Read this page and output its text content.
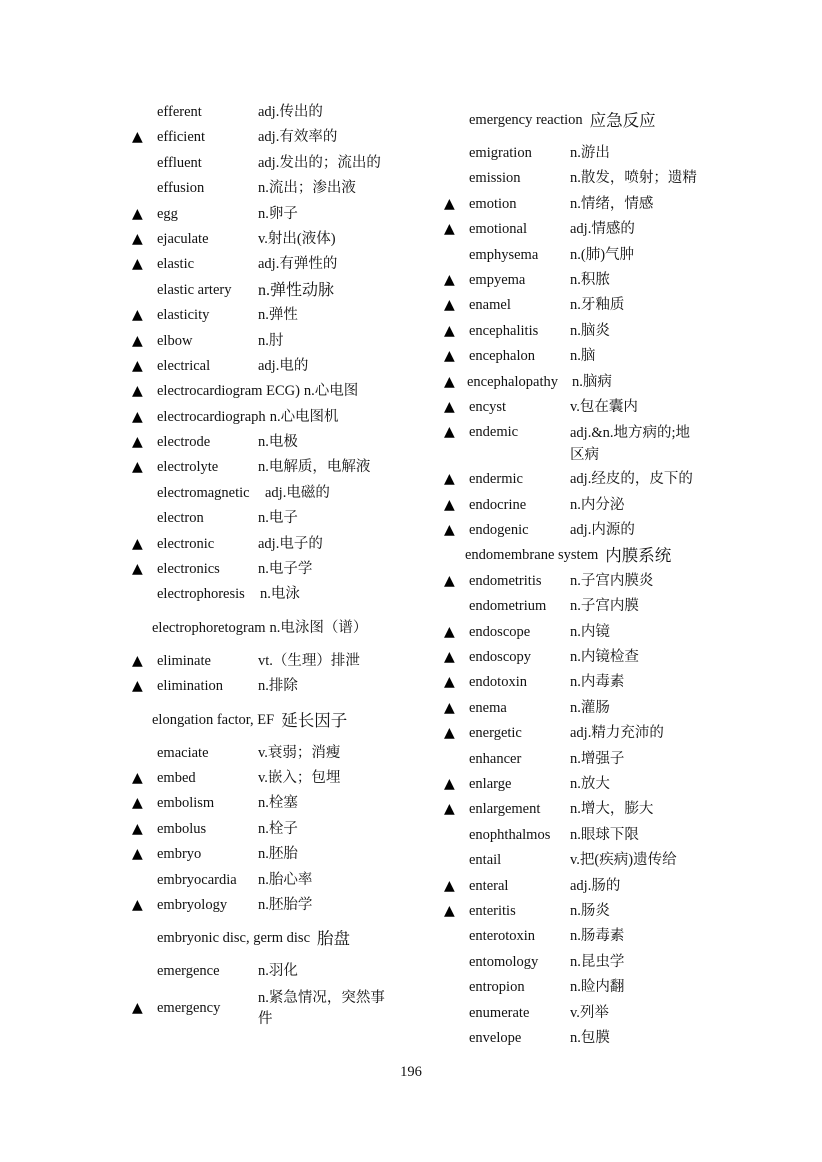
efferent	adj.传出的
▲ efficient	adj.有效率的
effluent	adj.发出的；流出的
effusion	n.流出；渗出液
▲ egg	n.卵子
▲ ejaculate	v.射出(液体)
▲ elastic	adj.有弹性的
elastic artery	n.弹性动脉
▲ elasticity	n.弹性
▲ elbow	n.肘
▲ electrical	adj.电的
▲ electrocardiogram ECG) n.心电图
▲ electrocardiograph n.心电图机
▲ electrode	n.电极
▲ electrolyte	n.电解质，电解液
electromagnetic	adj.电磁的
electron	n.电子
▲ electronic	adj.电子的
▲ electronics	n.电子学
electrophoresis	n.电泳
electrophoretogram n.电泳图（谱）
▲ eliminate	vt.（生理）排泄
▲ elimination	n.排除
elongation factor, EF 延长因子
emaciate	v.衰弱；消瘦
▲ embed	v.嵌入；包埋
▲ embolism	n.栓塞
▲ embolus	n.栓子
▲ embryo	n.胚胎
embryocardia	n.胎心率
▲ embryology	n.胚胎学
embryonic disc, germ disc 胎盘
emergence	n.羽化
▲ emergency
n.紧急情况，突然事件
emergency reaction 应急反应
emigration	n.游出
emission	n.散发，喷射；遗精
▲ emotion	n.情绪，情感
▲ emotional	adj.情感的
emphysema	n.(肺)气肿
▲ empyema	n.积脓
▲ enamel	n.牙釉质
▲ encephalitis	n.脑炎
▲ encephalon	n.脑
▲ encephalopathy n.脑病
▲ encyst	v.包在囊内
▲ endemic	adj.&n.地方病的;地区病
▲ endermic	adj.经皮的，皮下的
▲ endocrine	n.内分泌
▲ endogenic	adj.内源的
endomembrane system 内膜系统
▲ endometritis	n.子宫内膜炎
endometrium	n.子宫内膜
▲ endoscope	n.内镜
▲ endoscopy	n.内镜检查
▲ endotoxin	n.内毒素
▲ enema	n.灌肠
▲ energetic	adj.精力充沛的
enhancer	n.增强子
▲ enlarge	n.放大
▲ enlargement	n.增大，膨大
enophthalmos	n.眼球下限
entail	v.把(疾病)遗传给
▲ enteral	adj.肠的
▲ enteritis	n.肠炎
enterotoxin	n.肠毒素
entomology	n.昆虫学
entropion	n.睑内翻
enumerate	v.列举
envelope	n.包膜
196
